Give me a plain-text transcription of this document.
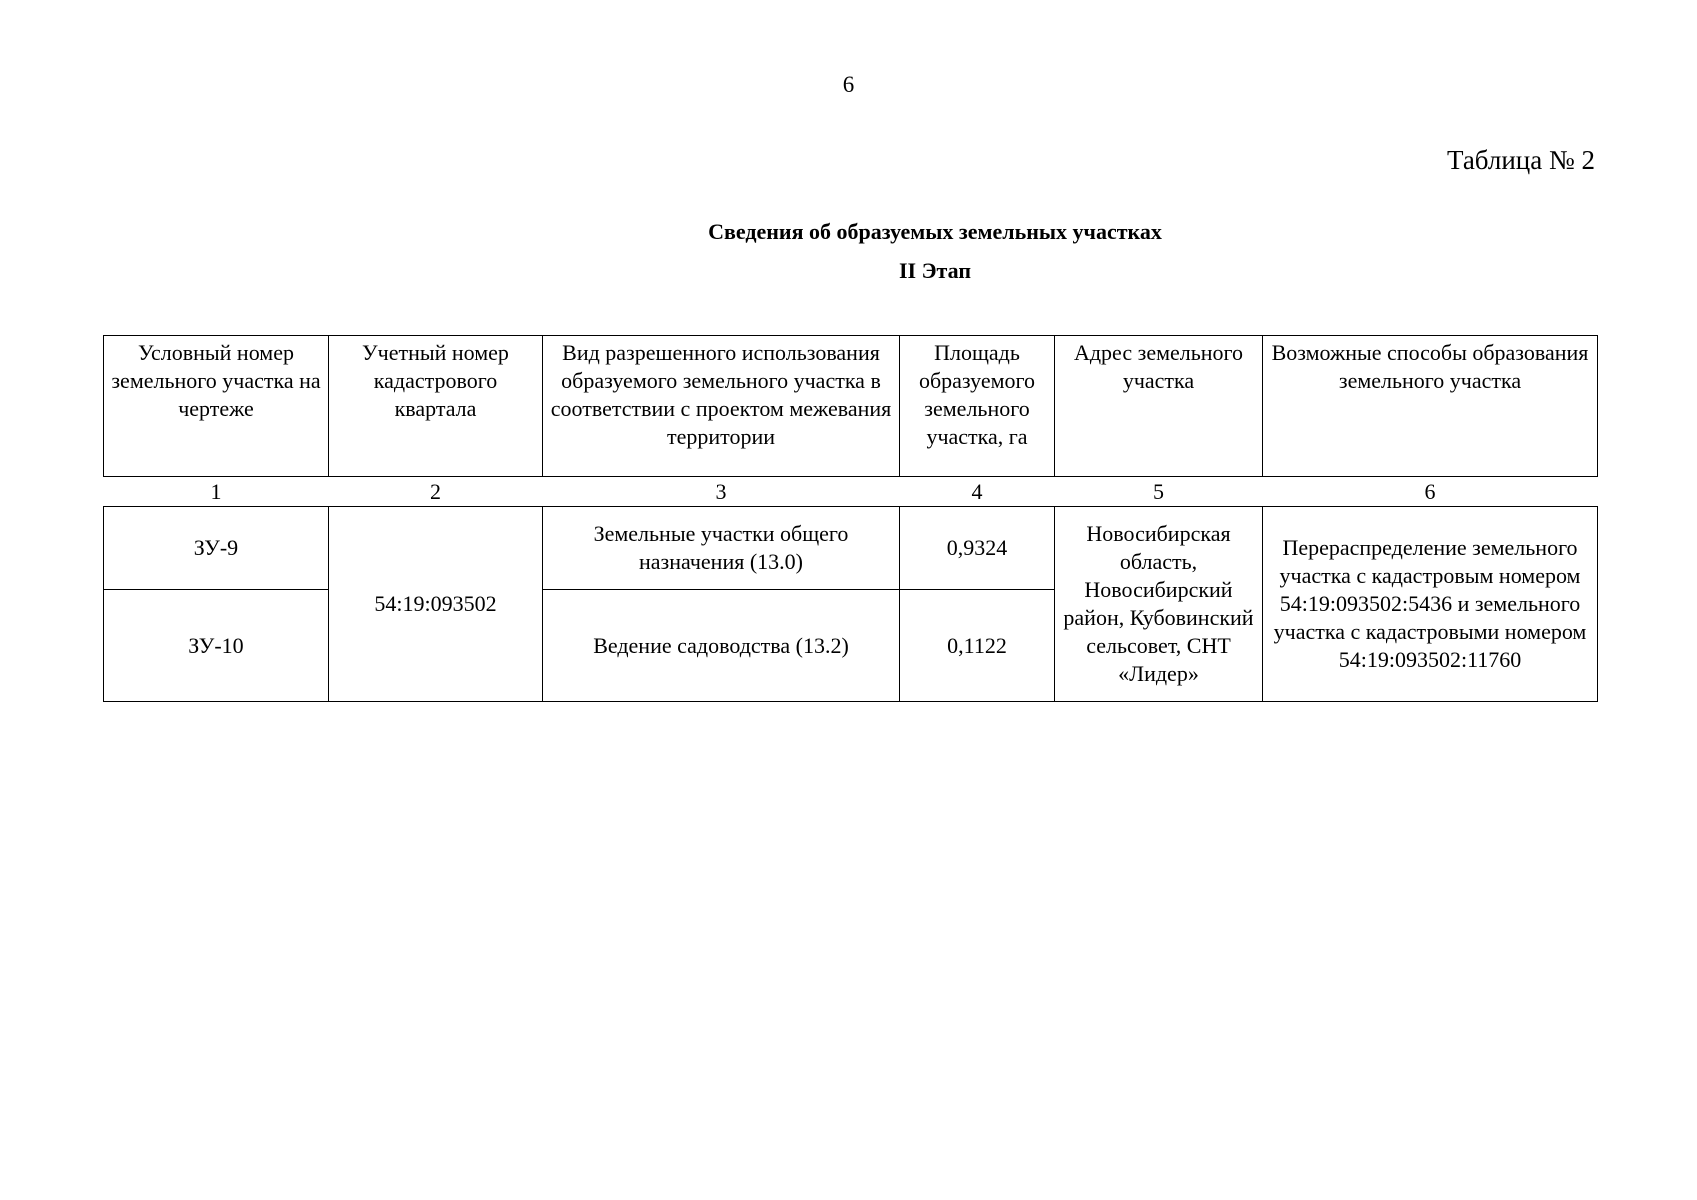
6
Таблица № 2
Сведения об образуемых земельных участках
II Этап
Условный номер земельного участка на чертеже	Учетный номер кадастрового квартала	Вид разрешенного использования образуемого земельного участка в соответствии с проектом межевания территории	Площадь образуемого земельного участка, га	Адрес земельного участка	Возможные способы образования земельного участка
1	2	3	4	5	6
ЗУ-9	54:19:093502	Земельные участки общего назначения (13.0)	0,9324	Новосибирская область, Новосибирский район, Кубовинский сельсовет, СНТ «Лидер»	Перераспределение земельного участка с кадастровым номером 54:19:093502:5436 и земельного участка с кадастровыми номером 54:19:093502:11760
ЗУ-10		Ведение садоводства (13.2)	0,1122		
